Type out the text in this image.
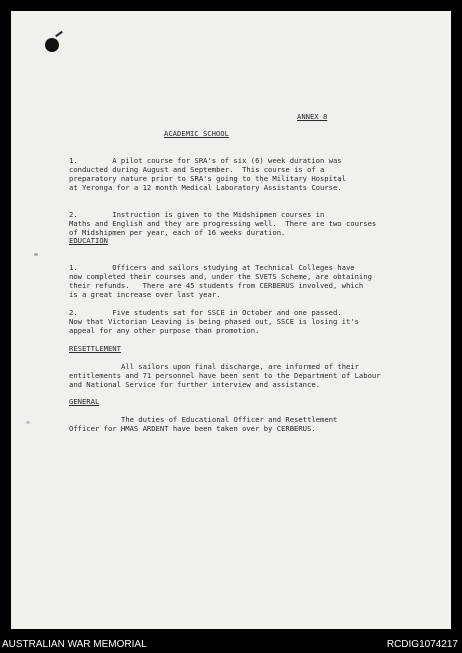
ANNEX 8
ACADEMIC SCHOOL
1.        A pilot course for SRA's of six (6) week duration was
conducted during August and September.  This course is of a
preparatory nature prior to SRA's going to the Military Hospital
at Yeronga for a 12 month Medical Laboratory Assistants Course.
2.        Instruction is given to the Midshipmen courses in
Maths and English and they are progressing well.  There are two courses
of Midshipmen per year, each of 16 weeks duration.
EDUCATION
1.        Officers and sailors studying at Technical Colleges have
now completed their courses and, under the SVETS Scheme, are obtaining
their refunds.   There are 45 students from CERBERUS involved, which
is a great increase over last year.
2.        Five students sat for SSCE in October and one passed.
Now that Victorian Leaving is being phased out, SSCE is losing it's
appeal for any other purpose than promotion.
RESETTLEMENT
All sailors upon final discharge, are informed of their
entitlements and 71 personnel have been sent to the Department of Labour
and National Service for further interview and assistance.
GENERAL
The duties of Educational Officer and Resettlement
Officer for HMAS ARDENT have been taken over by CERBERUS.
AUSTRALIAN WAR MEMORIAL	RCDIG1074217
